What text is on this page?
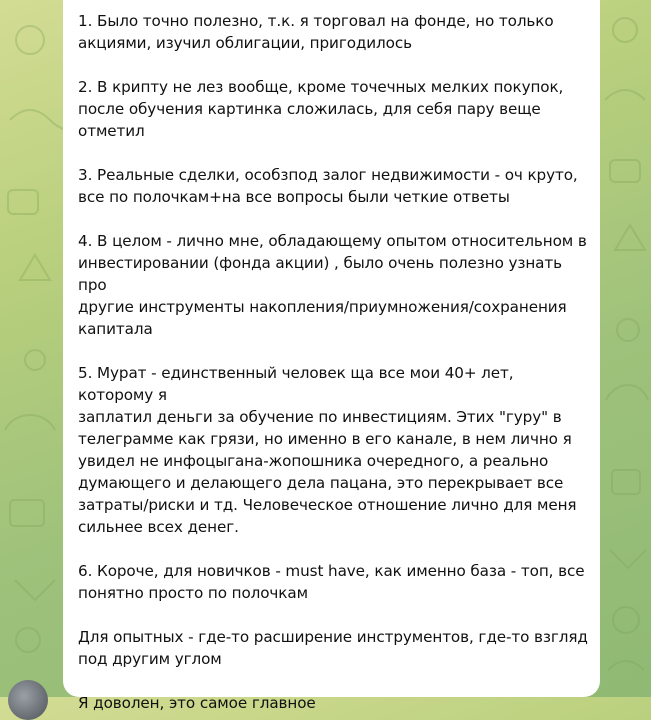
1. Было точно полезно, т.к. я торговал на фонде, но только
акциями, изучил облигации, пригодилось

2. В крипту не лез вообще, кроме точечных мелких покупок,
после обучения картинка сложилась, для себя пару веще
отметил

3. Реальные сделки, особзпод залог недвижимости - оч круто,
все по полочкам+на все вопросы были четкие ответы

4. В целом - лично мне, обладающему опытом относительном в
инвестировании (фонда акции) , было очень полезно узнать про
другие инструменты накопления/приумножения/сохранения
капитала

5. Мурат - единственный человек ща все мои 40+ лет, которому я
заплатил деньги за обучение по инвестициям. Этих "гуру" в
телеграмме как грязи, но именно в его канале, в нем лично я
увидел не инфоцыгана-жопошника очередного, а реально
думающего и делающего дела пацана, это перекрывает все
затраты/риски и тд. Человеческое отношение лично для меня
сильнее всех денег.

6. Короче, для новичков - must have, как именно база - топ, все
понятно просто по полочкам

Для опытных - где-то расширение инструментов, где-то взгляд
под другим углом

Я доволен, это самое главное
